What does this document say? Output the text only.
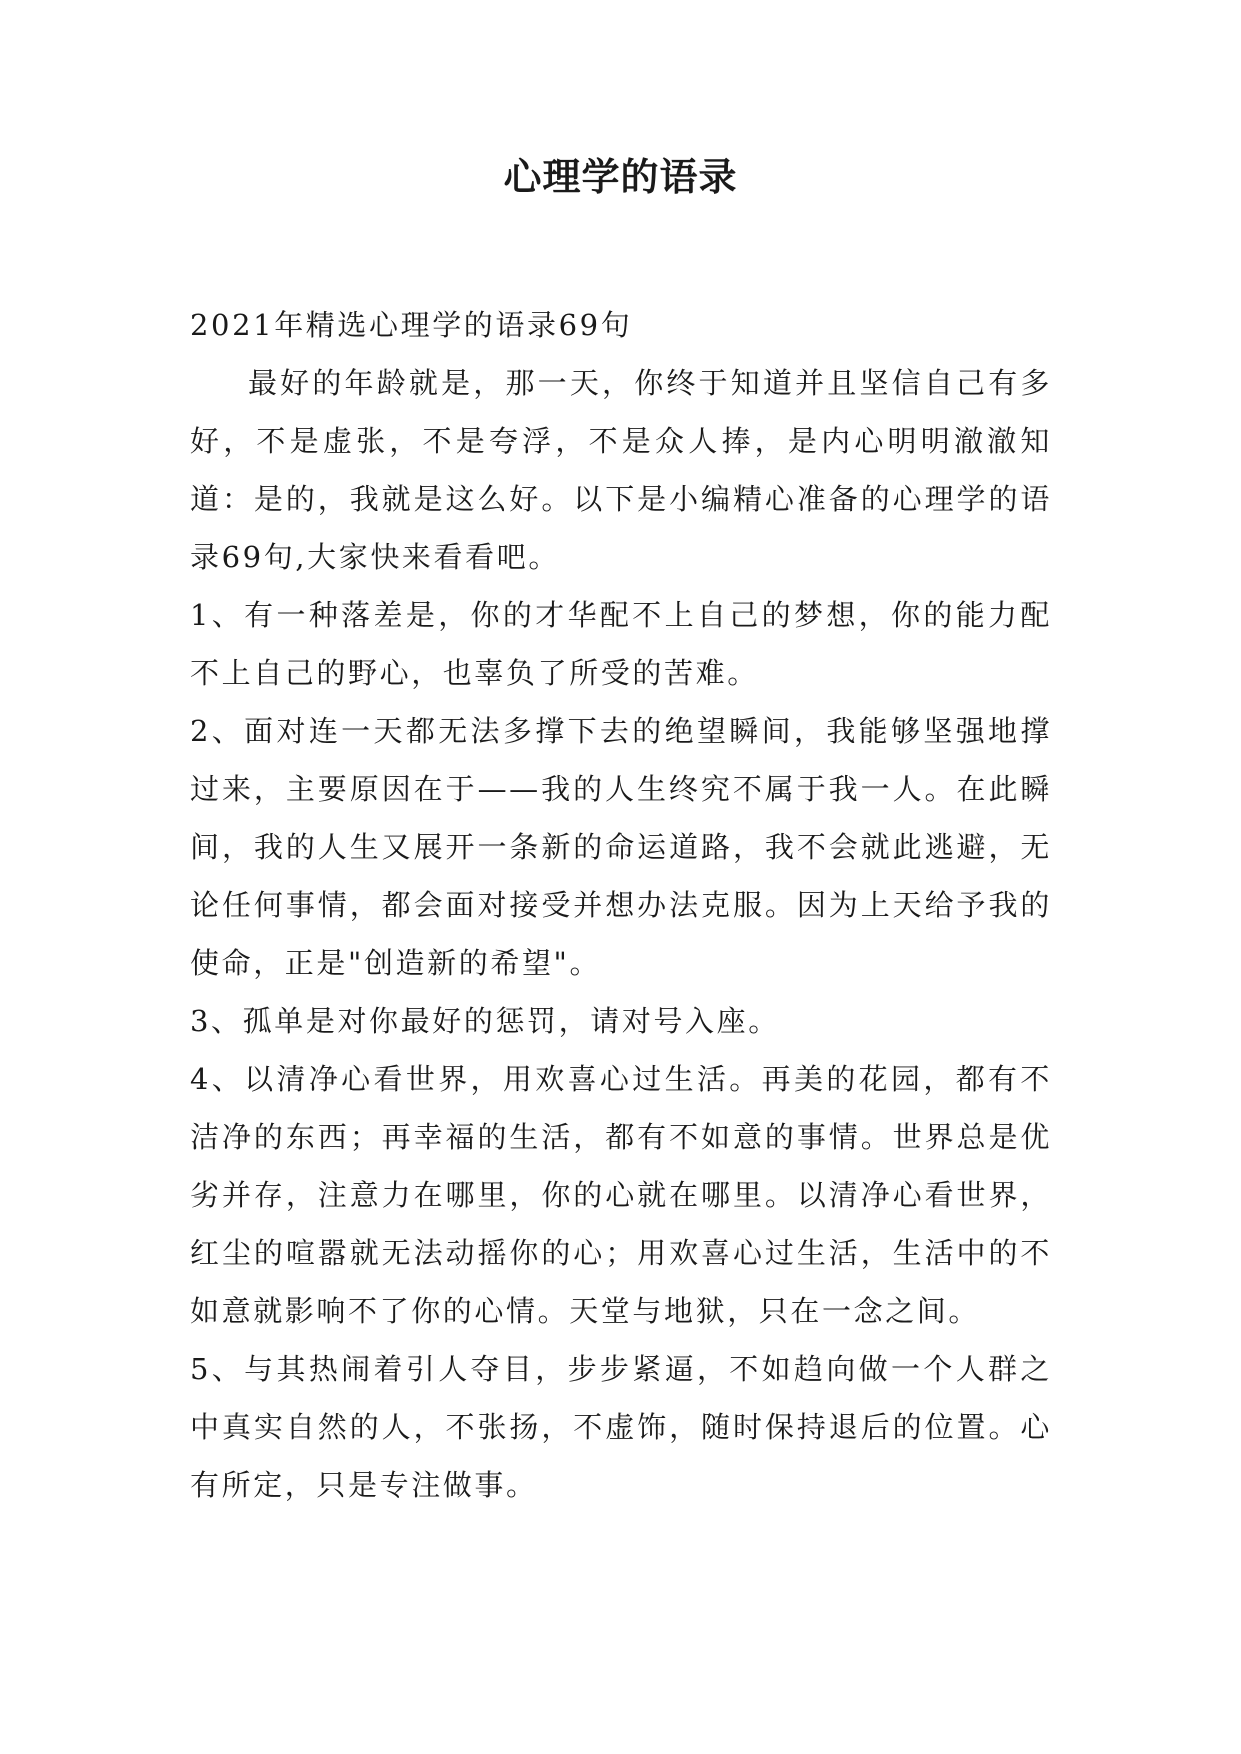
心理学的语录

2021年精选心理学的语录69句

最好的年龄就是，那一天，你终于知道并且坚信自己有多好，不是虚张，不是夸浮，不是众人捧，是内心明明澈澈知道：是的，我就是这么好。以下是小编精心准备的心理学的语录69句,大家快来看看吧。

1、有一种落差是，你的才华配不上自己的梦想，你的能力配不上自己的野心，也辜负了所受的苦难。

2、面对连一天都无法多撑下去的绝望瞬间，我能够坚强地撑过来，主要原因在于——我的人生终究不属于我一人。在此瞬间，我的人生又展开一条新的命运道路，我不会就此逃避，无论任何事情，都会面对接受并想办法克服。因为上天给予我的使命，正是"创造新的希望"。

3、孤单是对你最好的惩罚，请对号入座。

4、以清净心看世界，用欢喜心过生活。再美的花园，都有不洁净的东西；再幸福的生活，都有不如意的事情。世界总是优劣并存，注意力在哪里，你的心就在哪里。以清净心看世界，红尘的喧嚣就无法动摇你的心；用欢喜心过生活，生活中的不如意就影响不了你的心情。天堂与地狱，只在一念之间。

5、与其热闹着引人夺目，步步紧逼，不如趋向做一个人群之中真实自然的人，不张扬，不虚饰，随时保持退后的位置。心有所定，只是专注做事。
